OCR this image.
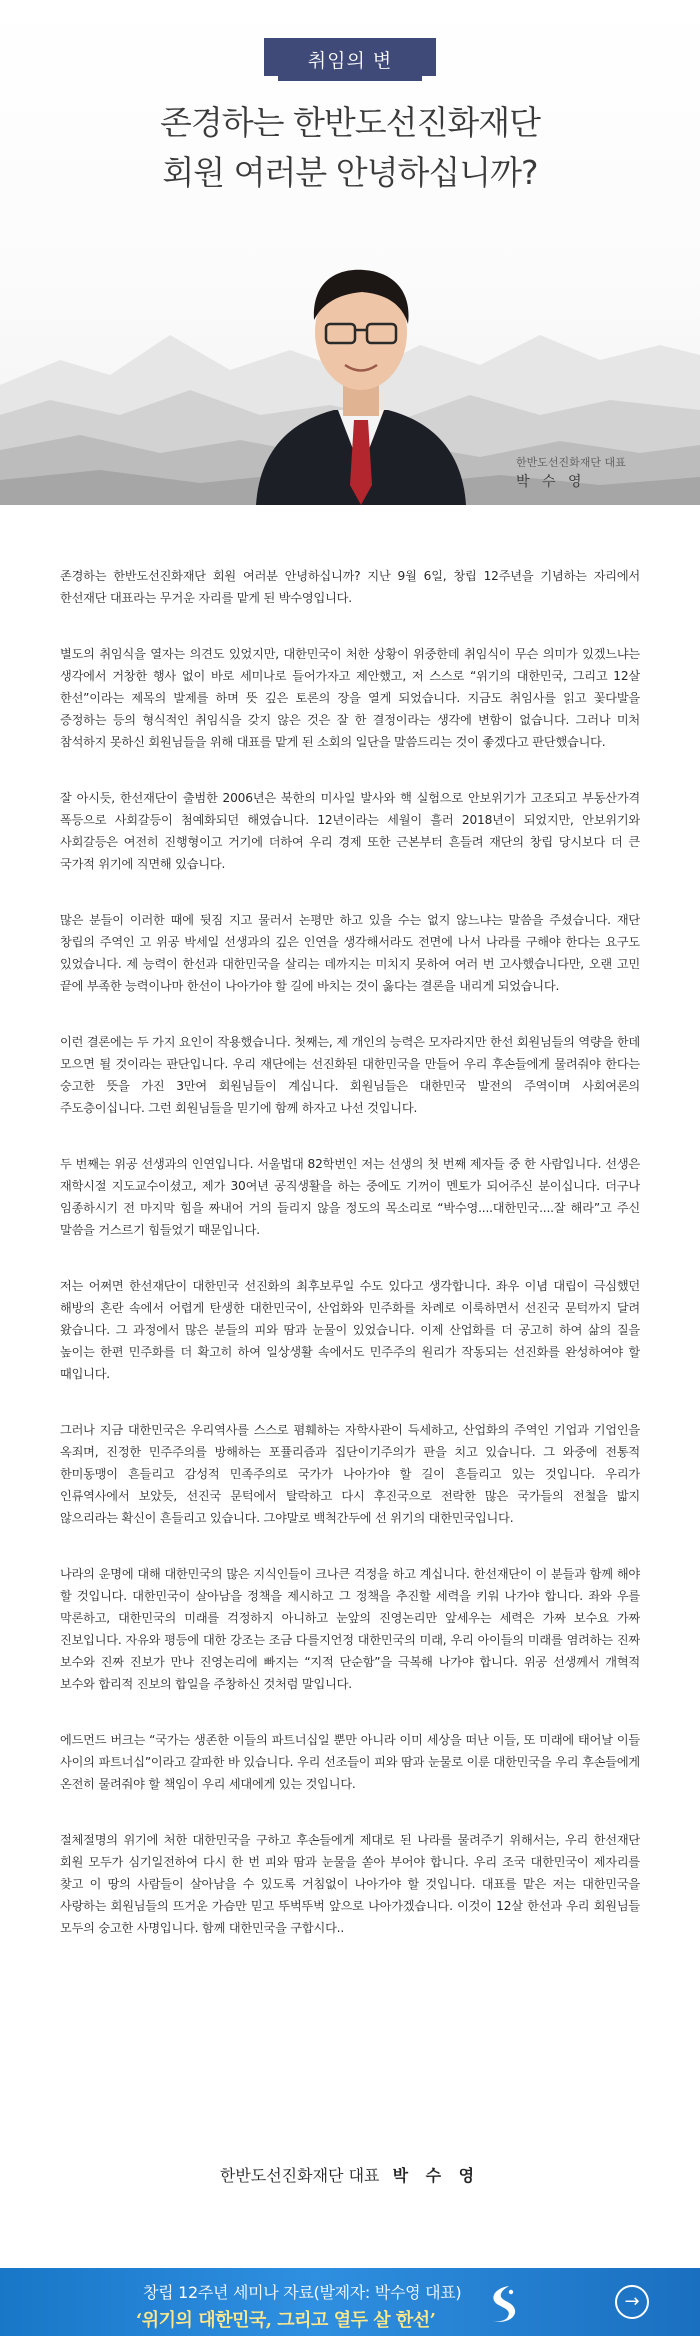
취임의 변
존경하는 한반도선진화재단
회원 여러분 안녕하십니까?
한반도선진화재단 대표
박 수 영

존경하는 한반도선진화재단 회원 여러분 안녕하십니까? 지난 9월 6일, 창립 12주년을 기념하는 자리에서 한선재단 대표라는 무거운 자리를 맡게 된 박수영입니다.

별도의 취임식을 열자는 의견도 있었지만, 대한민국이 처한 상황이 위중한데 취임식이 무슨 의미가 있겠느냐는 생각에서 거창한 행사 없이 바로 세미나로 들어가자고 제안했고, 저 스스로 “위기의 대한민국, 그리고 12살 한선”이라는 제목의 발제를 하며 뜻 깊은 토론의 장을 열게 되었습니다. 지금도 취임사를 읽고 꽃다발을 증정하는 등의 형식적인 취임식을 갖지 않은 것은 잘 한 결정이라는 생각에 변함이 없습니다. 그러나 미처 참석하지 못하신 회원님들을 위해 대표를 맡게 된 소회의 일단을 말씀드리는 것이 좋겠다고 판단했습니다.

잘 아시듯, 한선재단이 출범한 2006년은 북한의 미사일 발사와 핵 실험으로 안보위기가 고조되고 부동산가격 폭등으로 사회갈등이 첨예화되던 해였습니다. 12년이라는 세월이 흘러 2018년이 되었지만, 안보위기와 사회갈등은 여전히 진행형이고 거기에 더하여 우리 경제 또한 근본부터 흔들려 재단의 창립 당시보다 더 큰 국가적 위기에 직면해 있습니다.

많은 분들이 이러한 때에 뒷짐 지고 물러서 논평만 하고 있을 수는 없지 않느냐는 말씀을 주셨습니다. 재단 창립의 주역인 고 위공 박세일 선생과의 깊은 인연을 생각해서라도 전면에 나서 나라를 구해야 한다는 요구도 있었습니다. 제 능력이 한선과 대한민국을 살리는 데까지는 미치지 못하여 여러 번 고사했습니다만, 오랜 고민 끝에 부족한 능력이나마 한선이 나아가야 할 길에 바치는 것이 옳다는 결론을 내리게 되었습니다.

이런 결론에는 두 가지 요인이 작용했습니다. 첫째는, 제 개인의 능력은 모자라지만 한선 회원님들의 역량을 한데 모으면 될 것이라는 판단입니다. 우리 재단에는 선진화된 대한민국을 만들어 우리 후손들에게 물려줘야 한다는 숭고한 뜻을 가진 3만여 회원님들이 계십니다. 회원님들은 대한민국 발전의 주역이며 사회여론의 주도층이십니다. 그런 회원님들을 믿기에 함께 하자고 나선 것입니다.

두 번째는 위공 선생과의 인연입니다. 서울법대 82학번인 저는 선생의 첫 번째 제자들 중 한 사람입니다. 선생은 재학시절 지도교수이셨고, 제가 30여년 공직생활을 하는 중에도 기꺼이 멘토가 되어주신 분이십니다. 더구나 임종하시기 전 마지막 힘을 짜내어 거의 들리지 않을 정도의 목소리로 “박수영....대한민국....잘 해라”고 주신 말씀을 거스르기 힘들었기 때문입니다.

저는 어쩌면 한선재단이 대한민국 선진화의 최후보루일 수도 있다고 생각합니다. 좌우 이념 대립이 극심했던 해방의 혼란 속에서 어렵게 탄생한 대한민국이, 산업화와 민주화를 차례로 이룩하면서 선진국 문턱까지 달려 왔습니다. 그 과정에서 많은 분들의 피와 땀과 눈물이 있었습니다. 이제 산업화를 더 공고히 하여 삶의 질을 높이는 한편 민주화를 더 확고히 하여 일상생활 속에서도 민주주의 원리가 작동되는 선진화를 완성하여야 할 때입니다.

그러나 지금 대한민국은 우리역사를 스스로 폄훼하는 자학사관이 득세하고, 산업화의 주역인 기업과 기업인을 옥죄며, 진정한 민주주의를 방해하는 포퓰리즘과 집단이기주의가 판을 치고 있습니다. 그 와중에 전통적 한미동맹이 흔들리고 감성적 민족주의로 국가가 나아가야 할 길이 흔들리고 있는 것입니다. 우리가 인류역사에서 보았듯, 선진국 문턱에서 탈락하고 다시 후진국으로 전락한 많은 국가들의 전철을 밟지 않으리라는 확신이 흔들리고 있습니다. 그야말로 백척간두에 선 위기의 대한민국입니다.

나라의 운명에 대해 대한민국의 많은 지식인들이 크나큰 걱정을 하고 계십니다. 한선재단이 이 분들과 함께 해야 할 것입니다. 대한민국이 살아남을 정책을 제시하고 그 정책을 추진할 세력을 키워 나가야 합니다. 좌와 우를 막론하고, 대한민국의 미래를 걱정하지 아니하고 눈앞의 진영논리만 앞세우는 세력은 가짜 보수요 가짜 진보입니다. 자유와 평등에 대한 강조는 조금 다를지언정 대한민국의 미래, 우리 아이들의 미래를 염려하는 진짜 보수와 진짜 진보가 만나 진영논리에 빠지는 “지적 단순함”을 극복해 나가야 합니다. 위공 선생께서 개혁적 보수와 합리적 진보의 합일을 주창하신 것처럼 말입니다.

에드먼드 버크는 “국가는 생존한 이들의 파트너십일 뿐만 아니라 이미 세상을 떠난 이들, 또 미래에 태어날 이들 사이의 파트너십”이라고 갈파한 바 있습니다. 우리 선조들이 피와 땀과 눈물로 이룬 대한민국을 우리 후손들에게 온전히 물려줘야 할 책임이 우리 세대에게 있는 것입니다.

절체절명의 위기에 처한 대한민국을 구하고 후손들에게 제대로 된 나라를 물려주기 위해서는, 우리 한선재단 회원 모두가 심기일전하여 다시 한 번 피와 땀과 눈물을 쏟아 부어야 합니다. 우리 조국 대한민국이 제자리를 찾고 이 땅의 사람들이 살아남을 수 있도록 거침없이 나아가야 할 것입니다. 대표를 맡은 저는 대한민국을 사랑하는 회원님들의 뜨거운 가슴만 믿고 뚜벅뚜벅 앞으로 나아가겠습니다. 이것이 12살 한선과 우리 회원님들 모두의 숭고한 사명입니다. 함께 대한민국을 구합시다..

한반도선진화재단 대표 박 수 영
창립 12주년 세미나 자료(발제자: 박수영 대표)
‘위기의 대한민국, 그리고 열두 살 한선’
→
